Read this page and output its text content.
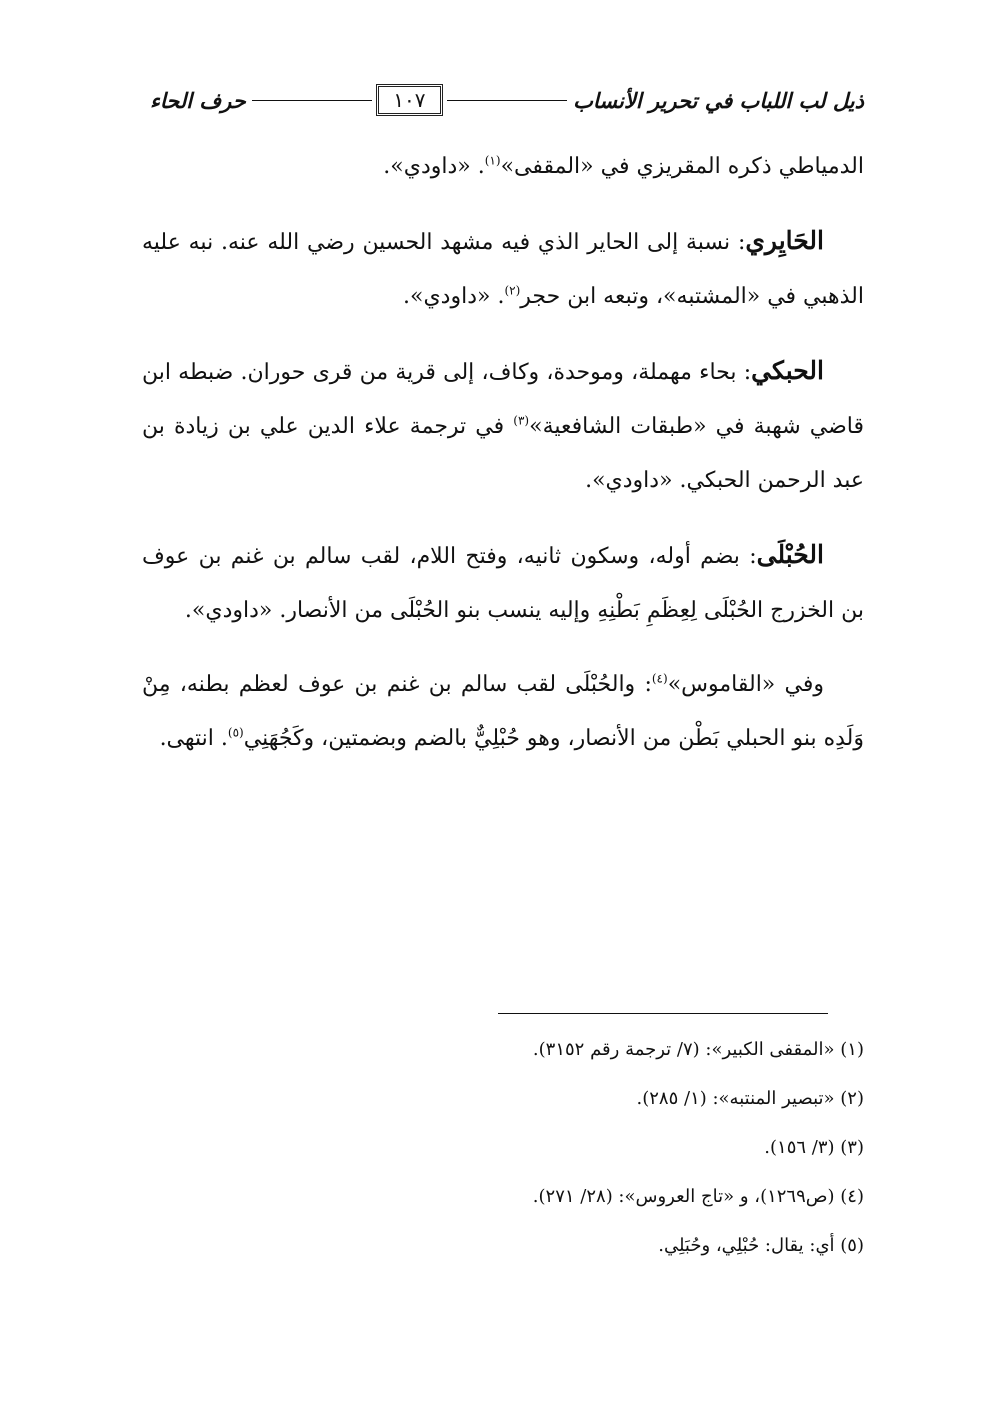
ذيل لب اللباب في تحرير الأنساب
١٠٧
حرف الحاء

الدمياطي ذكره المقريزي في «المقفى»$^{(١)}$. «داودي».

الحَايِري: نسبة إلى الحاير الذي فيه مشهد الحسين رضي الله عنه. نبه عليه الذهبي في «المشتبه»، وتبعه ابن حجر$^{(٢)}$. «داودي».

الحبكي: بحاء مهملة، وموحدة، وكاف، إلى قرية من قرى حوران. ضبطه ابن قاضي شهبة في «طبقات الشافعية»$^{(٣)}$ في ترجمة علاء الدين علي بن زيادة بن عبد الرحمن الحبكي. «داودي».

الحُبْلَى: بضم أوله، وسكون ثانيه، وفتح اللام، لقب سالم بن غنم بن عوف بن الخزرج الحُبْلَى لِعِظَمِ بَطْنِهِ وإليه ينسب بنو الحُبْلَى من الأنصار. «داودي».

وفي «القاموس»$^{(٤)}$: والحُبْلَى لقب سالم بن غنم بن عوف لعظم بطنه، مِنْ وَلَدِه بنو الحبلي بَطْن من الأنصار، وهو حُبْلِيٌّ بالضم وبضمتين، وكَجُهَنِي$^{(٥)}$. انتهى.

(١) «المقفى الكبير»: (٧/ ترجمة رقم ٣١٥٢).
(٢) «تبصير المنتبه»: (١/ ٢٨٥).
(٣) (٣/ ١٥٦).
(٤) (ص١٢٦٩)، و «تاج العروس»: (٢٨/ ٢٧١).
(٥) أي: يقال: حُبْلِي، وحُبَلِي.
